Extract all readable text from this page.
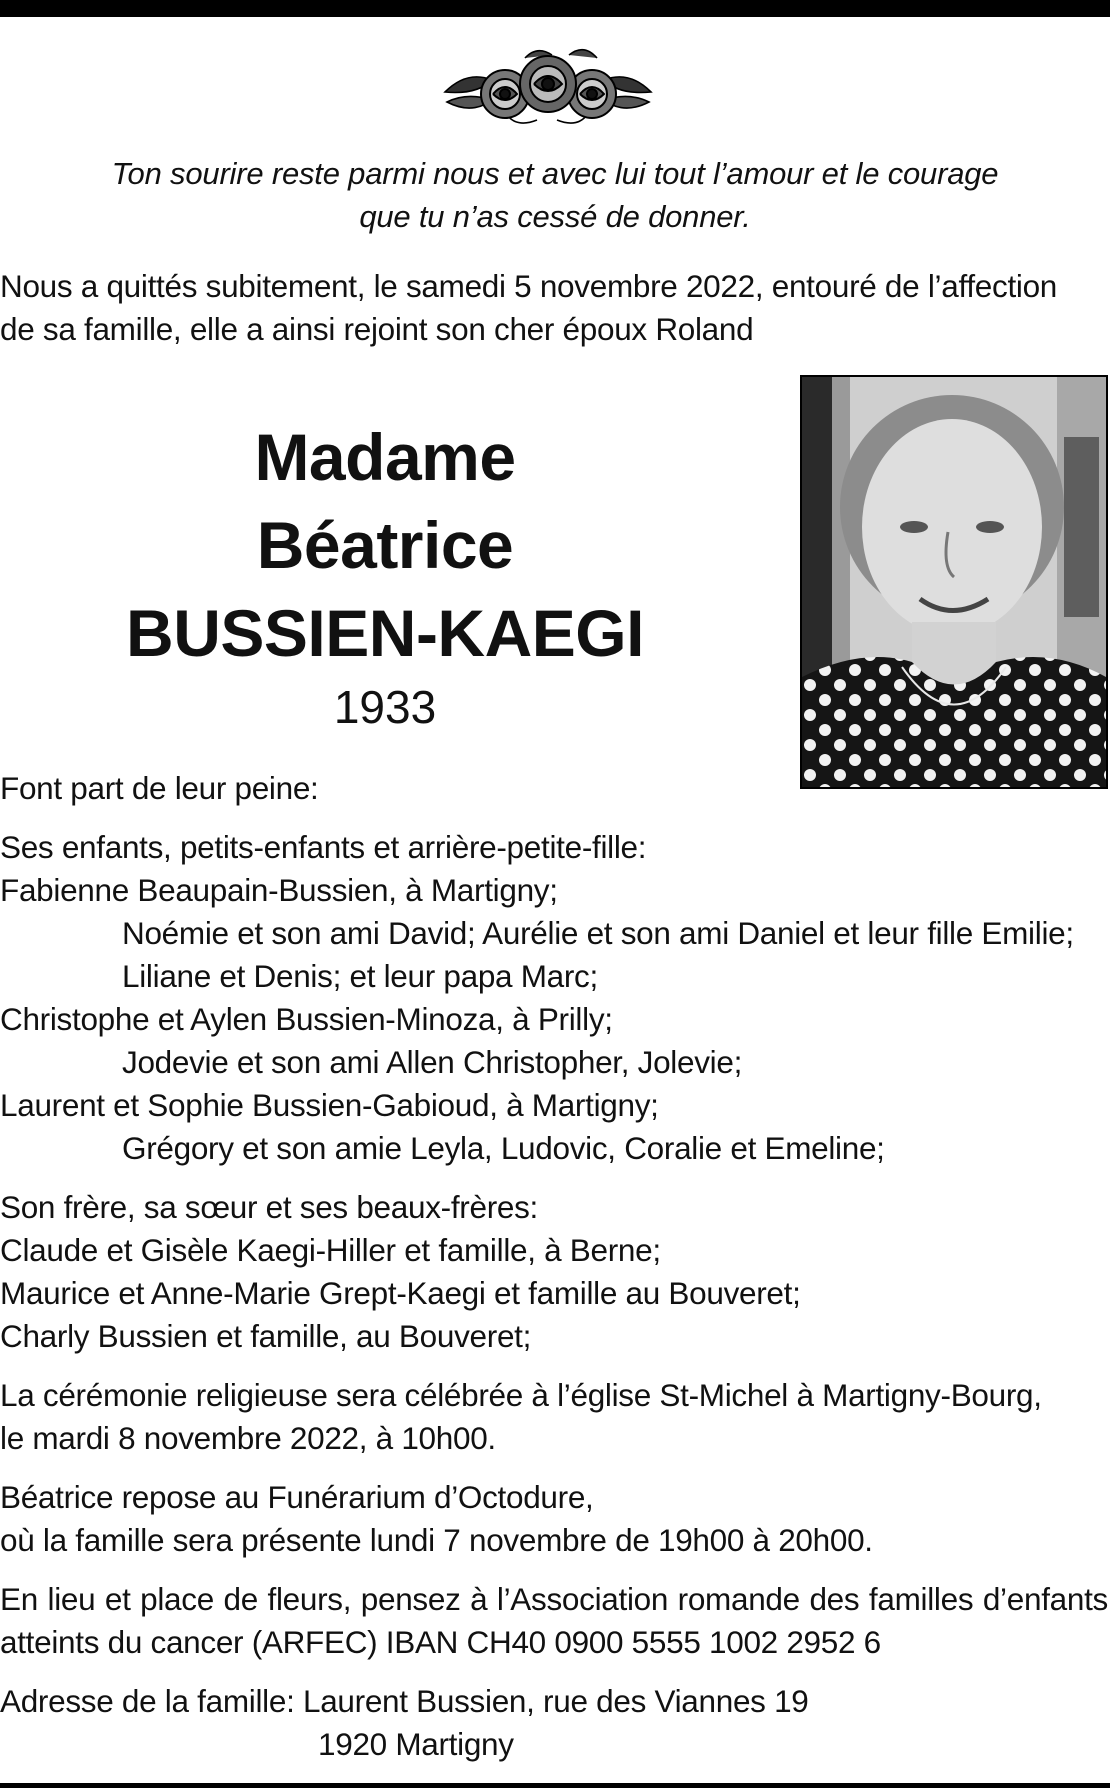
Ton sourire reste parmi nous et avec lui tout l’amour et le courage
que tu n’as cessé de donner.
Nous a quittés subitement, le samedi 5 novembre 2022, entouré de l’affection
de sa famille, elle a ainsi rejoint son cher époux Roland
Madame
Béatrice
BUSSIEN-KAEGI
1933
Font part de leur peine:
Ses enfants, petits-enfants et arrière-petite-fille:
Fabienne Beaupain-Bussien, à Martigny;
Noémie et son ami David; Aurélie et son ami Daniel et leur fille Emilie;
Liliane et Denis; et leur papa Marc;
Christophe et Aylen Bussien-Minoza, à Prilly;
Jodevie et son ami Allen Christopher, Jolevie;
Laurent et Sophie Bussien-Gabioud, à Martigny;
Grégory et son amie Leyla, Ludovic, Coralie et Emeline;
Son frère, sa sœur et ses beaux-frères:
Claude et Gisèle Kaegi-Hiller et famille, à Berne;
Maurice et Anne-Marie Grept-Kaegi et famille au Bouveret;
Charly Bussien et famille, au Bouveret;
La cérémonie religieuse sera célébrée à l’église St-Michel à Martigny-Bourg,
le mardi 8 novembre 2022, à 10h00.
Béatrice repose au Funérarium d’Octodure,
où la famille sera présente lundi 7 novembre de 19h00 à 20h00.
En lieu et place de fleurs, pensez à l’Association romande des familles d’enfants atteints du cancer (ARFEC) IBAN CH40 0900 5555 1002 2952 6
Adresse de la famille: Laurent Bussien, rue des Viannes 19
1920 Martigny
